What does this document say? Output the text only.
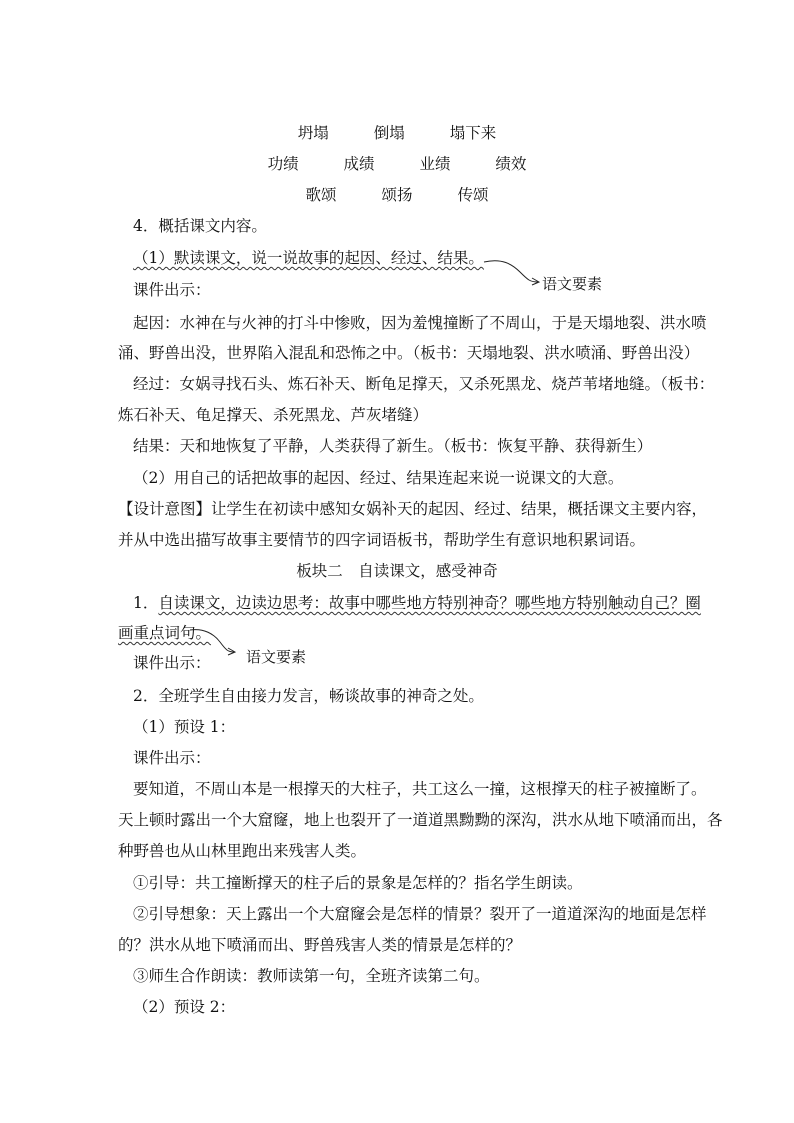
坍塌	倒塌	塌下来
功绩	成绩	业绩	绩效
歌颂	颂扬	传颂
4．概括课文内容。
（1）默读课文，说一说故事的起因、经过、结果。
语文要素
课件出示：
起因：水神在与火神的打斗中惨败，因为羞愧撞断了不周山，于是天塌地裂、洪水喷
涌、野兽出没，世界陷入混乱和恐怖之中。（板书：天塌地裂、洪水喷涌、野兽出没）
经过：女娲寻找石头、炼石补天、断龟足撑天，又杀死黑龙、烧芦苇堵地缝。（板书：
炼石补天、龟足撑天、杀死黑龙、芦灰堵缝）
结果：天和地恢复了平静，人类获得了新生。（板书：恢复平静、获得新生）
（2）用自己的话把故事的起因、经过、结果连起来说一说课文的大意。
【设计意图】让学生在初读中感知女娲补天的起因、经过、结果，概括课文主要内容，
并从中选出描写故事主要情节的四字词语板书，帮助学生有意识地积累词语。
板块二　自读课文，感受神奇
1．自读课文，边读边思考：故事中哪些地方特别神奇？哪些地方特别触动自己？圈
画重点词句。
语文要素
课件出示：
2．全班学生自由接力发言，畅谈故事的神奇之处。
（1）预设 1：
课件出示：
要知道，不周山本是一根撑天的大柱子，共工这么一撞，这根撑天的柱子被撞断了。
天上顿时露出一个大窟窿，地上也裂开了一道道黑黝黝的深沟，洪水从地下喷涌而出，各
种野兽也从山林里跑出来残害人类。
①引导：共工撞断撑天的柱子后的景象是怎样的？指名学生朗读。
②引导想象：天上露出一个大窟窿会是怎样的情景？裂开了一道道深沟的地面是怎样
的？洪水从地下喷涌而出、野兽残害人类的情景是怎样的？
③师生合作朗读：教师读第一句，全班齐读第二句。
（2）预设 2：
